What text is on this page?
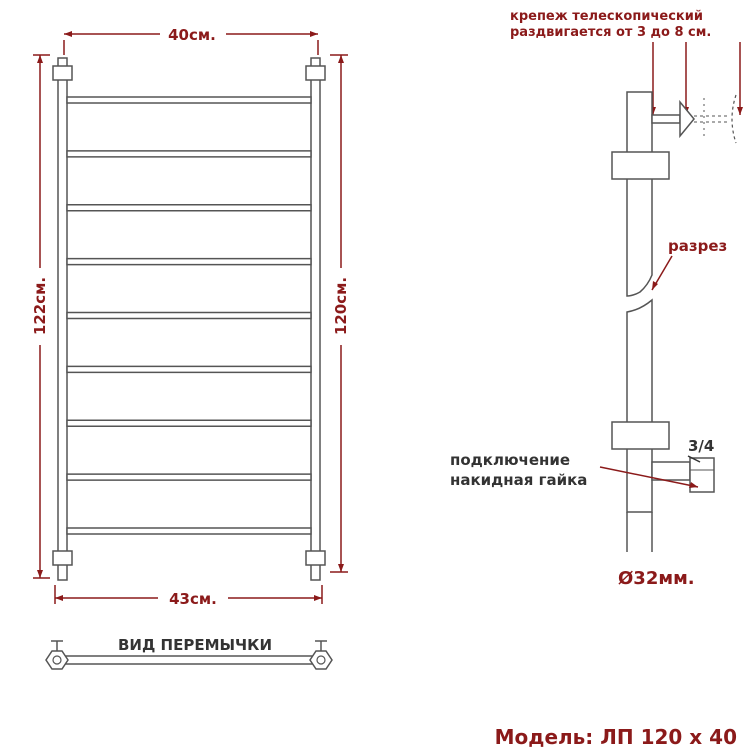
40см.
122см.	120см.
43см.
ВИД ПЕРЕМЫЧКИ
крепеж телескопический
раздвигается от 3 до 8 см.
разрез
3/4
подключение
накидная гайка
Ø32мм.
Модель: ЛП 120 x 40
